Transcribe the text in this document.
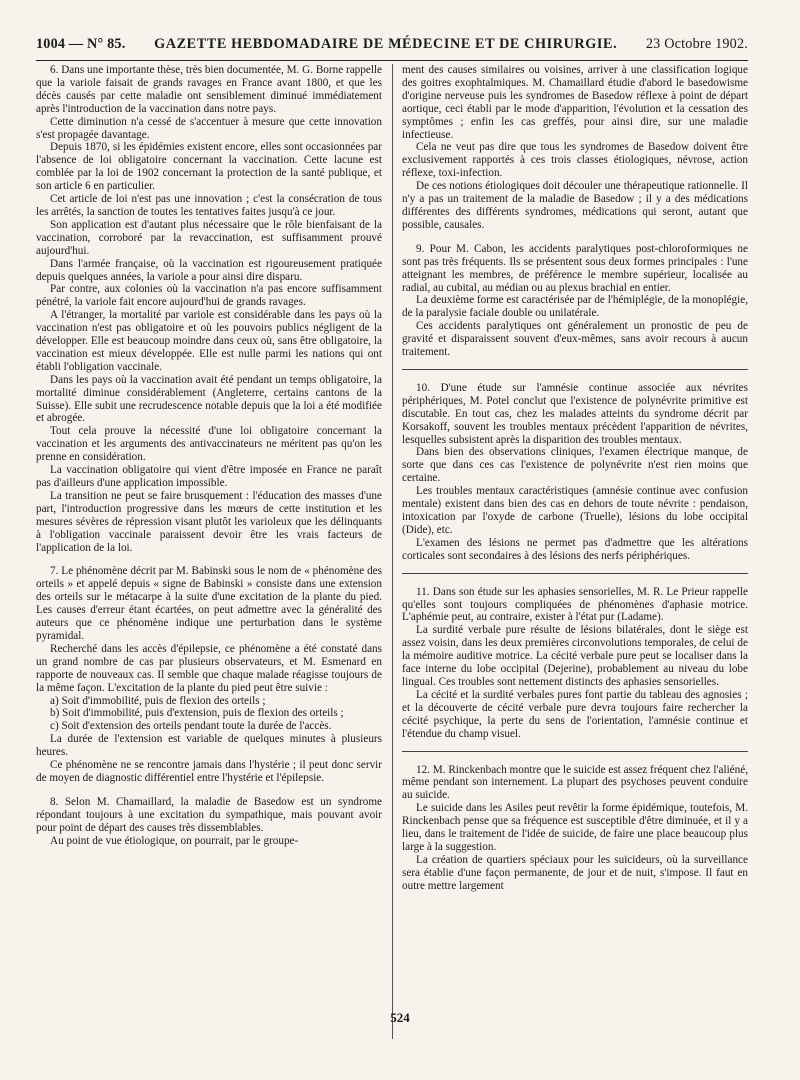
1004 — N° 85. GAZETTE HEBDOMADAIRE DE MÉDECINE ET DE CHIRURGIE. 23 Octobre 1902.

6. Dans une importante thèse, très bien documentée, M. G. Borne rappelle que la variole faisait de grands ravages en France avant 1800, et que les décès causés par cette maladie ont sensiblement diminué immédiatement après l'introduction de la vaccination dans notre pays.

Cette diminution n'a cessé de s'accentuer à mesure que cette innovation s'est propagée davantage.

Depuis 1870, si les épidémies existent encore, elles sont occasionnées par l'absence de loi obligatoire concernant la vaccination. Cette lacune est comblée par la loi de 1902 concernant la protection de la santé publique, et son article 6 en particulier.

Cet article de loi n'est pas une innovation ; c'est la consécration de tous les arrêtés, la sanction de toutes les tentatives faites jusqu'à ce jour.

Son application est d'autant plus nécessaire que le rôle bienfaisant de la vaccination, corroboré par la revaccination, est suffisamment prouvé aujourd'hui.

Dans l'armée française, où la vaccination est rigoureusement pratiquée depuis quelques années, la variole a pour ainsi dire disparu.

Par contre, aux colonies où la vaccination n'a pas encore suffisamment pénétré, la variole fait encore aujourd'hui de grands ravages.

A l'étranger, la mortalité par variole est considérable dans les pays où la vaccination n'est pas obligatoire et où les pouvoirs publics négligent de la développer. Elle est beaucoup moindre dans ceux où, sans être obligatoire, la vaccination est mieux développée. Elle est nulle parmi les nations qui ont établi l'obligation vaccinale.

Dans les pays où la vaccination avait été pendant un temps obligatoire, la mortalité diminue considérablement (Angleterre, certains cantons de la Suisse). Elle subit une recrudescence notable depuis que la loi a été modifiée et abrogée.

Tout cela prouve la nécessité d'une loi obligatoire concernant la vaccination et les arguments des antivaccinateurs ne méritent pas qu'on les prenne en considération.

La vaccination obligatoire qui vient d'être imposée en France ne paraît pas d'ailleurs d'une application impossible.

La transition ne peut se faire brusquement : l'éducation des masses d'une part, l'introduction progressive dans les mœurs de cette institution et les mesures sévères de répression visant plutôt les varioleux que les délinquants à l'obligation vaccinale paraissent devoir être les vrais facteurs de l'application de la loi.

7. Le phénomène décrit par M. Babinski sous le nom de « phénomène des orteils » et appelé depuis « signe de Babinski » consiste dans une extension des orteils sur le métacarpe à la suite d'une excitation de la plante du pied. Les causes d'erreur étant écartées, on peut admettre avec la généralité des auteurs que ce phénomène indique une perturbation dans le système pyramidal.

Recherché dans les accès d'épilepsie, ce phénomène a été constaté dans un grand nombre de cas par plusieurs observateurs, et M. Esmenard en rapporte de nouveaux cas. Il semble que chaque malade réagisse toujours de la même façon. L'excitation de la plante du pied peut être suivie :

a) Soit d'immobilité, puis de flexion des orteils ;

b) Soit d'immobilité, puis d'extension, puis de flexion des orteils ;

c) Soit d'extension des orteils pendant toute la durée de l'accès.

La durée de l'extension est variable de quelques minutes à plusieurs heures.

Ce phénomène ne se rencontre jamais dans l'hystérie ; il peut donc servir de moyen de diagnostic différentiel entre l'hystérie et l'épilepsie.

8. Selon M. Chamaillard, la maladie de Basedow est un syndrome répondant toujours à une excitation du sympathique, mais pouvant avoir pour point de départ des causes très dissemblables.

Au point de vue étiologique, on pourrait, par le groupe-

ment des causes similaires ou voisines, arriver à une classification logique des goitres exophtalmiques. M. Chamaillard étudie d'abord le basedowisme d'origine nerveuse puis les syndromes de Basedow réflexe à point de départ aortique, ceci établi par le mode d'apparition, l'évolution et la cessation des symptômes ; enfin les cas greffés, pour ainsi dire, sur une maladie infectieuse.

Cela ne veut pas dire que tous les syndromes de Basedow doivent être exclusivement rapportés à ces trois classes étiologiques, névrose, action réflexe, toxi-infection.

De ces notions étiologiques doit découler une thérapeutique rationnelle. Il n'y a pas un traitement de la maladie de Basedow ; il y a des médications différentes des différents syndromes, médications qui seront, autant que possible, causales.

9. Pour M. Cabon, les accidents paralytiques post-chloroformiques ne sont pas très fréquents. Ils se présentent sous deux formes principales : l'une atteignant les membres, de préférence le membre supérieur, localisée au radial, au cubital, au médian ou au plexus brachial en entier.

La deuxième forme est caractérisée par de l'hémiplégie, de la monoplégie, de la paralysie faciale double ou unilatérale.

Ces accidents paralytiques ont généralement un pronostic de peu de gravité et disparaissent souvent d'eux-mêmes, sans avoir recours à aucun traitement.

10. D'une étude sur l'amnésie continue associée aux névrites périphériques, M. Potel conclut que l'existence de polynévrite primitive est discutable. En tout cas, chez les malades atteints du syndrome décrit par Korsakoff, souvent les troubles mentaux précèdent l'apparition de névrites, lesquelles subsistent après la disparition des troubles mentaux.

Dans bien des observations cliniques, l'examen électrique manque, de sorte que dans ces cas l'existence de polynévrite n'est rien moins que certaine.

Les troubles mentaux caractéristiques (amnésie continue avec confusion mentale) existent dans bien des cas en dehors de toute névrite : pendaison, intoxication par l'oxyde de carbone (Truelle), lésions du lobe occipital (Dide), etc.

L'examen des lésions ne permet pas d'admettre que les altérations corticales sont secondaires à des lésions des nerfs périphériques.

11. Dans son étude sur les aphasies sensorielles, M. R. Le Prieur rappelle qu'elles sont toujours compliquées de phénomènes d'aphasie motrice. L'aphémie peut, au contraire, exister à l'état pur (Ladame).

La surdité verbale pure résulte de lésions bilatérales, dont le siège est assez voisin, dans les deux premières circonvolutions temporales, de celui de la mémoire auditive motrice. La cécité verbale pure peut se localiser dans la face interne du lobe occipital (Dejerine), probablement au niveau du lobe lingual. Ces troubles sont nettement distincts des aphasies sensorielles.

La cécité et la surdité verbales pures font partie du tableau des agnosies ; et la découverte de cécité verbale pure devra toujours faire rechercher la cécité psychique, la perte du sens de l'orientation, l'amnésie continue et l'étendue du champ visuel.

12. M. Rinckenbach montre que le suicide est assez fréquent chez l'aliéné, même pendant son internement. La plupart des psychoses peuvent conduire au suicide.

Le suicide dans les Asiles peut revêtir la forme épidémique, toutefois, M. Rinckenbach pense que sa fréquence est susceptible d'être diminuée, et il y a lieu, dans le traitement de l'idée de suicide, de faire une place beaucoup plus large à la suggestion.

La création de quartiers spéciaux pour les suicideurs, où la surveillance sera établie d'une façon permanente, de jour et de nuit, s'impose. Il faut en outre mettre largement

524
